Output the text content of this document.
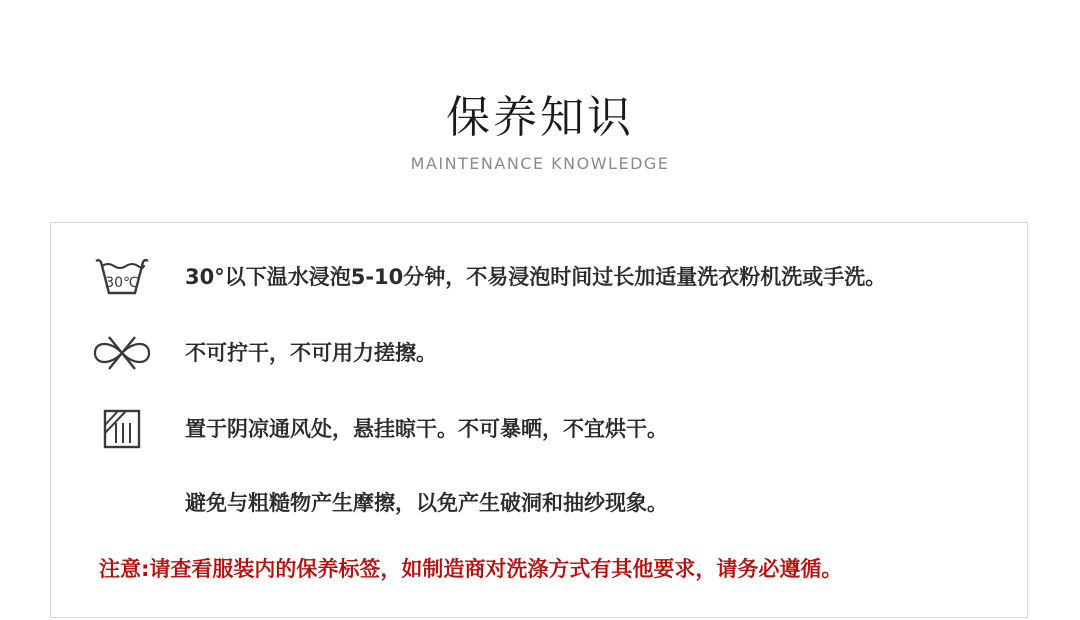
保养知识
MAINTENANCE KNOWLEDGE
30℃ 30°以下温水浸泡5-10分钟，不易浸泡时间过长加适量洗衣粉机洗或手洗。
不可拧干，不可用力搓擦。
置于阴凉通风处，悬挂晾干。不可暴晒，不宜烘干。
避免与粗糙物产生摩擦，以免产生破洞和抽纱现象。
注意:请查看服装内的保养标签，如制造商对洗涤方式有其他要求，请务必遵循。
